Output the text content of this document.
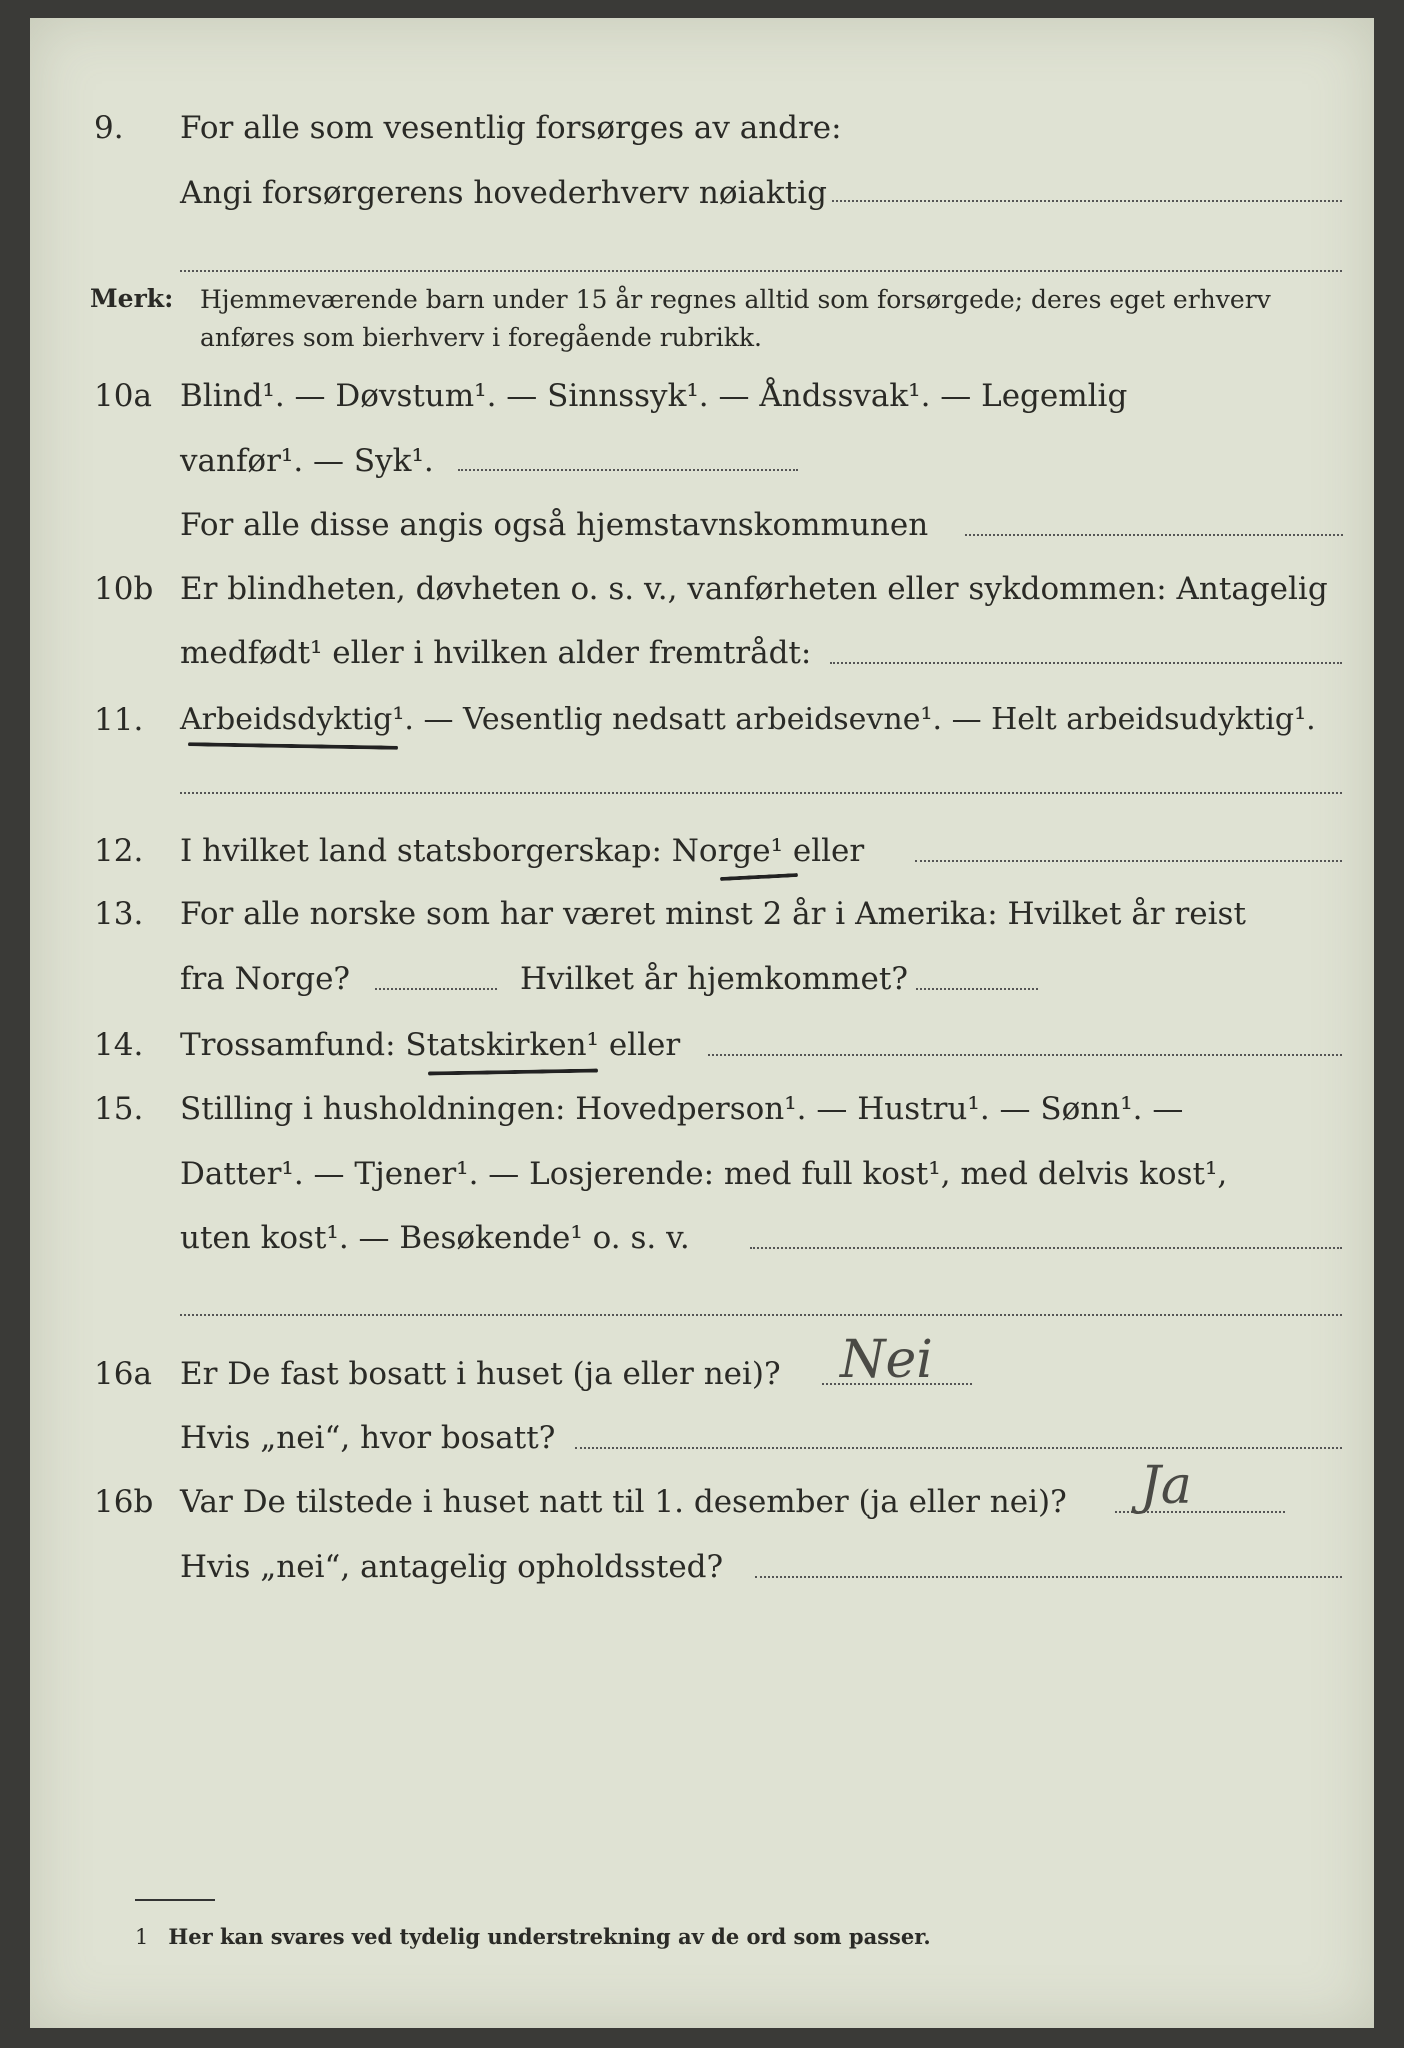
9. For alle som vesentlig forsørges av andre:
Angi forsørgerens hovederhverv nøiaktig
Merk: Hjemmeværende barn under 15 år regnes alltid som forsørgede; deres eget erhverv
anføres som bierhverv i foregående rubrikk.
10a Blind¹. — Døvstum¹. — Sinnssyk¹. — Åndssvak¹. — Legemlig
vanfør¹. — Syk¹.
For alle disse angis også hjemstavnskommunen
10b Er blindheten, døvheten o. s. v., vanførheten eller sykdommen: Antagelig
medfødt¹ eller i hvilken alder fremtrådt:
11. Arbeidsdyktig¹. — Vesentlig nedsatt arbeidsevne¹. — Helt arbeidsudyktig¹.
12. I hvilket land statsborgerskap: Norge¹ eller
13. For alle norske som har været minst 2 år i Amerika: Hvilket år reist
fra Norge?	Hvilket år hjemkommet?
14. Trossamfund: Statskirken¹ eller
15. Stilling i husholdningen: Hovedperson¹. — Hustru¹. — Sønn¹. —
Datter¹. — Tjener¹. — Losjerende: med full kost¹, med delvis kost¹,
uten kost¹. — Besøkende¹ o. s. v.
16a Er De fast bosatt i huset (ja eller nei)? Nei
Hvis „nei“, hvor bosatt?
16b Var De tilstede i huset natt til 1. desember (ja eller nei)? Ja
Hvis „nei“, antagelig opholdssted?
1 Her kan svares ved tydelig understrekning av de ord som passer.
